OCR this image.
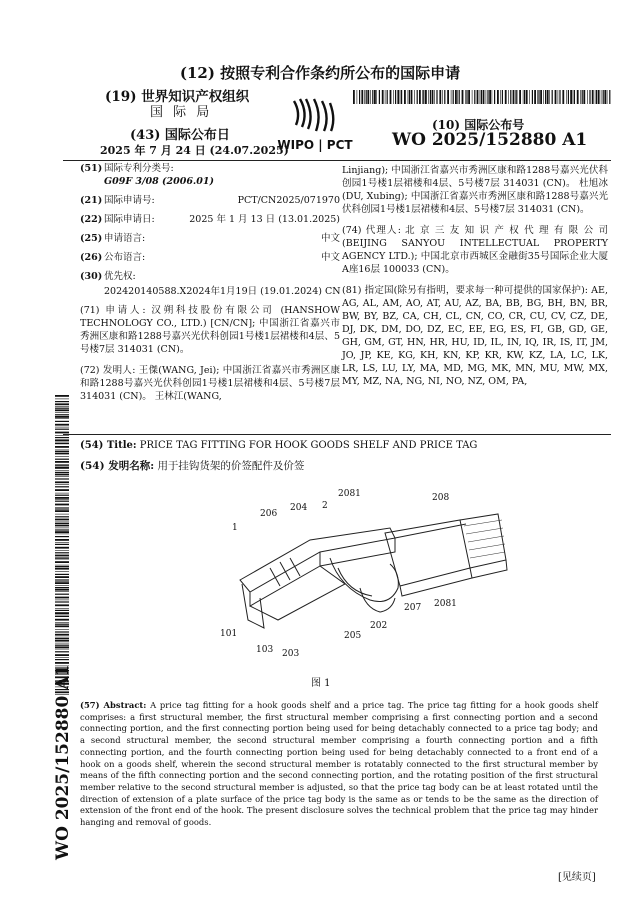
(12) 按照专利合作条约所公布的国际申请
(19) 世界知识产权组织
国 际 局
(43) 国际公布日
2025 年 7 月 24 日 (24.07.2025)
(10) 国际公布号
WO 2025/152880 A1
WIPO | PCT
WO 2025/152880 A1
(51) 国际专利分类号:
G09F 3/08 (2006.01)
(21) 国际申请号:	PCT/CN2025/071970
(22) 国际申请日:	2025 年 1 月 13 日 (13.01.2025)
(25) 申请语言:	中文
(26) 公布语言:	中文
(30) 优先权:
202420140588.X 2024年1月19日 (19.01.2024) CN
(71) 申请人: 汉朔科技股份有限公司 (HANSHOW TECHNOLOGY CO., LTD.) [CN/CN]; 中国浙江省嘉兴市秀洲区康和路1288号嘉兴光伏科创园1号楼1层裙楼和4层、5号楼7层 314031 (CN)。
(72) 发明人: 王傑(WANG, Jei); 中国浙江省嘉兴市秀洲区康和路1288号嘉兴光伏科创园1号楼1层裙楼和4层、5号楼7层 314031 (CN)。 王林江(WANG,
Linjiang); 中国浙江省嘉兴市秀洲区康和路1288号嘉兴光伏科创园1号楼1层裙楼和4层、5号楼7层 314031 (CN)。 杜旭冰(DU, Xubing); 中国浙江省嘉兴市秀洲区康和路1288号嘉兴光伏科创园1号楼1层裙楼和4层、5号楼7层 314031 (CN)。
(74) 代理人: 北 京 三 友 知 识 产 权 代 理 有 限 公 司 (BEIJING SANYOU INTELLECTUAL PROPERTY AGENCY LTD.); 中国北京市西城区金融街35号国际企业大厦A座16层 100033 (CN)。
(81) 指定国(除另有指明，要求每一种可提供的国家保护): AE, AG, AL, AM, AO, AT, AU, AZ, BA, BB, BG, BH, BN, BR, BW, BY, BZ, CA, CH, CL, CN, CO, CR, CU, CV, CZ, DE, DJ, DK, DM, DO, DZ, EC, EE, EG, ES, FI, GB, GD, GE, GH, GM, GT, HN, HR, HU, ID, IL, IN, IQ, IR, IS, IT, JM, JO, JP, KE, KG, KH, KN, KP, KR, KW, KZ, LA, LC, LK, LR, LS, LU, LY, MA, MD, MG, MK, MN, MU, MW, MX, MY, MZ, NA, NG, NI, NO, NZ, OM, PA,
(54) Title: PRICE TAG FITTING FOR HOOK GOODS SHELF AND PRICE TAG
(54) 发明名称: 用于挂钩货架的价签配件及价签
1
206
204 2
2081	208
207 2081
202
205
203
103
101
图 1
(57) Abstract: A price tag fitting for a hook goods shelf and a price tag. The price tag fitting for a hook goods shelf comprises: a first structural member, the first structural member comprising a first connecting portion and a second connecting portion, and the first connecting portion being used for being detachably connected to a price tag body; and a second structural member, the second structural member comprising a fourth connecting portion and a fifth connecting portion, and the fourth connecting portion being used for being detachably connected to a front end of a hook on a goods shelf, wherein the second structural member is rotatably connected to the first structural member by means of the fifth connecting portion and the second connecting portion, and the rotating position of the first structural member relative to the second structural member is adjusted, so that the price tag body can be at least rotated until the direction of extension of a plate surface of the price tag body is the same as or tends to be the same as the direction of extension of the front end of the hook. The present disclosure solves the technical problem that the price tag may hinder hanging and removal of goods.
[见续页]
